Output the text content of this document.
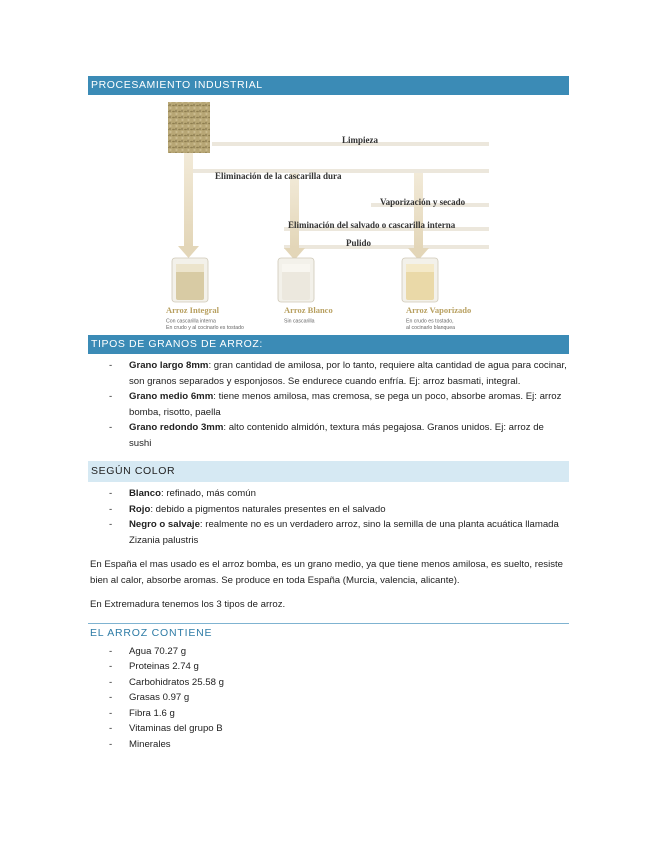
PROCESAMIENTO INDUSTRIAL
Limpieza
Eliminación de la cascarilla dura
Vaporización y secado
Eliminación del salvado o cascarilla interna
Pulido
Arroz Integral
Con cascarilla interna
En crudo y al cocinarlo es tostado
Arroz Blanco
Sin cascarilla
Arroz Vaporizado
En crudo es tostado,
al cocinarlo blanquea
TIPOS DE GRANOS DE ARROZ:
- Grano largo 8mm: gran cantidad de amilosa, por lo tanto, requiere alta cantidad de agua para cocinar, son granos separados y esponjosos. Se endurece cuando enfría. Ej: arroz basmati, integral.
- Grano medio 6mm: tiene menos amilosa, mas cremosa, se pega un poco, absorbe aromas. Ej: arroz bomba, risotto, paella
- Grano redondo 3mm: alto contenido almidón, textura más pegajosa. Granos unidos. Ej: arroz de sushi
SEGÚN COLOR
- Blanco: refinado, más común
- Rojo: debido a pigmentos naturales presentes en el salvado
- Negro o salvaje: realmente no es un verdadero arroz, sino la semilla de una planta acuática llamada Zizania palustris

En España el mas usado es el arroz bomba, es un grano medio, ya que tiene menos amilosa, es suelto, resiste bien al calor, absorbe aromas. Se produce en toda España (Murcia, valencia, alicante).

En Extremadura tenemos los 3 tipos de arroz.

EL ARROZ CONTIENE
- Agua 70.27 g
- Proteinas 2.74 g
- Carbohidratos 25.58 g
- Grasas 0.97 g
- Fibra 1.6 g
- Vitaminas del grupo B
- Minerales
